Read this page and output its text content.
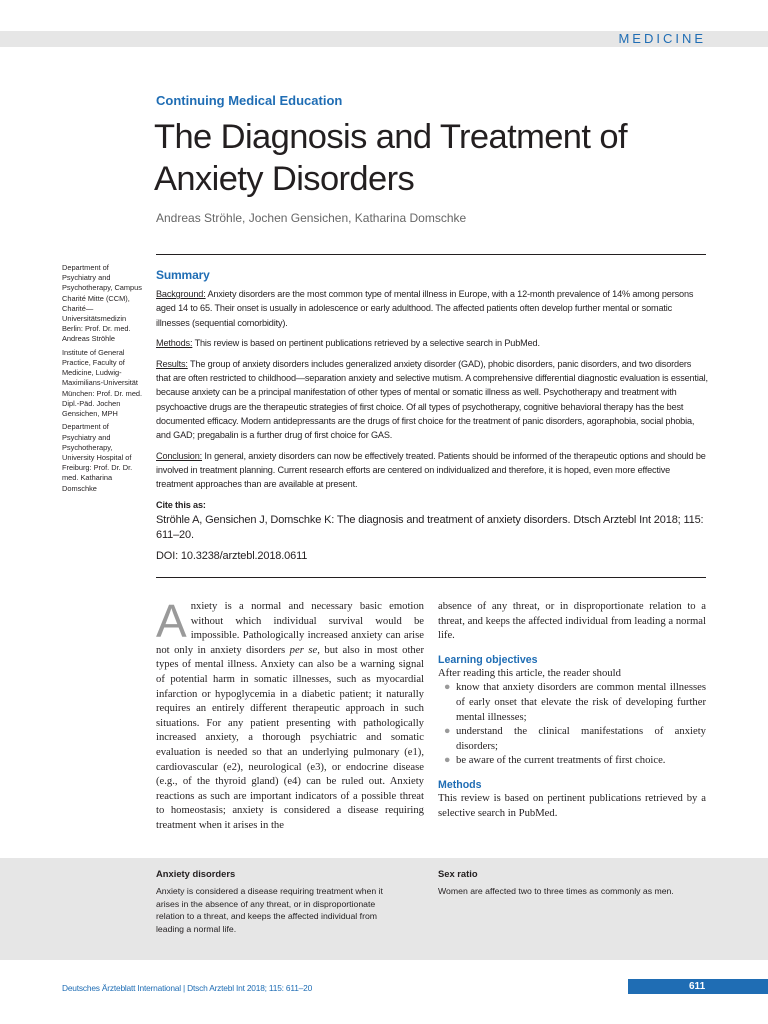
MEDICINE
Continuing Medical Education
The Diagnosis and Treatment of Anxiety Disorders
Andreas Ströhle, Jochen Gensichen, Katharina Domschke

Department of Psychiatry and Psychotherapy, Campus Charité Mitte (CCM), Charité—Universitätsmedizin Berlin: Prof. Dr. med. Andreas Ströhle

Institute of General Practice, Faculty of Medicine, Ludwig-Maximilians-Universität München: Prof. Dr. med. Dipl.-Päd. Jochen Gensichen, MPH

Department of Psychiatry and Psychotherapy, University Hospital of Freiburg: Prof. Dr. Dr. med. Katharina Domschke

Summary

Background: Anxiety disorders are the most common type of mental illness in Europe, with a 12-month prevalence of 14% among persons aged 14 to 65. Their onset is usually in adolescence or early adulthood. The affected patients often develop further mental or somatic illnesses (sequential comorbidity).

Methods: This review is based on pertinent publications retrieved by a selective search in PubMed.

Results: The group of anxiety disorders includes generalized anxiety disorder (GAD), phobic disorders, panic disorders, and two disorders that are often restricted to childhood—separation anxiety and selective mutism. A comprehensive differential diagnostic evaluation is essential, because anxiety can be a principal manifestation of other types of mental or somatic illness as well. Psychotherapy and treatment with psychoactive drugs are the therapeutic strategies of first choice. Of all types of psychotherapy, cognitive behavioral therapy has the best documented efficacy. Modern antidepressants are the drugs of first choice for the treatment of panic disorders, agoraphobia, social phobia, and GAD; pregabalin is a further drug of first choice for GAS.

Conclusion: In general, anxiety disorders can now be effectively treated. Patients should be informed of the therapeutic options and should be involved in treatment planning. Current research efforts are centered on individualized and therefore, it is hoped, even more effective treatment approaches than are available at present.

Cite this as:

Ströhle A, Gensichen J, Domschke K: The diagnosis and treatment of anxiety disorders. Dtsch Arztebl Int 2018; 115: 611–20.

DOI: 10.3238/arztebl.2018.0611

Anxiety is a normal and necessary basic emotion without which individual survival would be impossible. Pathologically increased anxiety can arise not only in anxiety disorders per se, but also in most other types of mental illness. Anxiety can also be a warning signal of potential harm in somatic illnesses, such as myocardial infarction or hypoglycemia in a diabetic patient; it naturally requires an entirely different therapeutic approach in such situations. For any patient presenting with pathologically increased anxiety, a thorough psychiatric and somatic evaluation is needed so that an underlying pulmonary (e1), cardiovascular (e2), neurological (e3), or endocrine disease (e.g., of the thyroid gland) (e4) can be ruled out. Anxiety reactions as such are important indicators of a possible threat to homeostasis; anxiety is considered a disease requiring treatment when it arises in the

absence of any threat, or in disproportionate relation to a threat, and keeps the affected individual from leading a normal life.

Learning objectives

After reading this article, the reader should

● know that anxiety disorders are common mental illnesses of early onset that elevate the risk of developing further mental illnesses;
● understand the clinical manifestations of anxiety disorders;
● be aware of the current treatments of first choice.
Methods

This review is based on pertinent publications retrieved by a selective search in PubMed.

Anxiety disorders

Anxiety is considered a disease requiring treatment when it arises in the absence of any threat, or in disproportionate relation to a threat, and keeps the affected individual from leading a normal life.

Sex ratio

Women are affected two to three times as commonly as men.

Deutsches Ärzteblatt International | Dtsch Arztebl Int 2018; 115: 611–20	611
